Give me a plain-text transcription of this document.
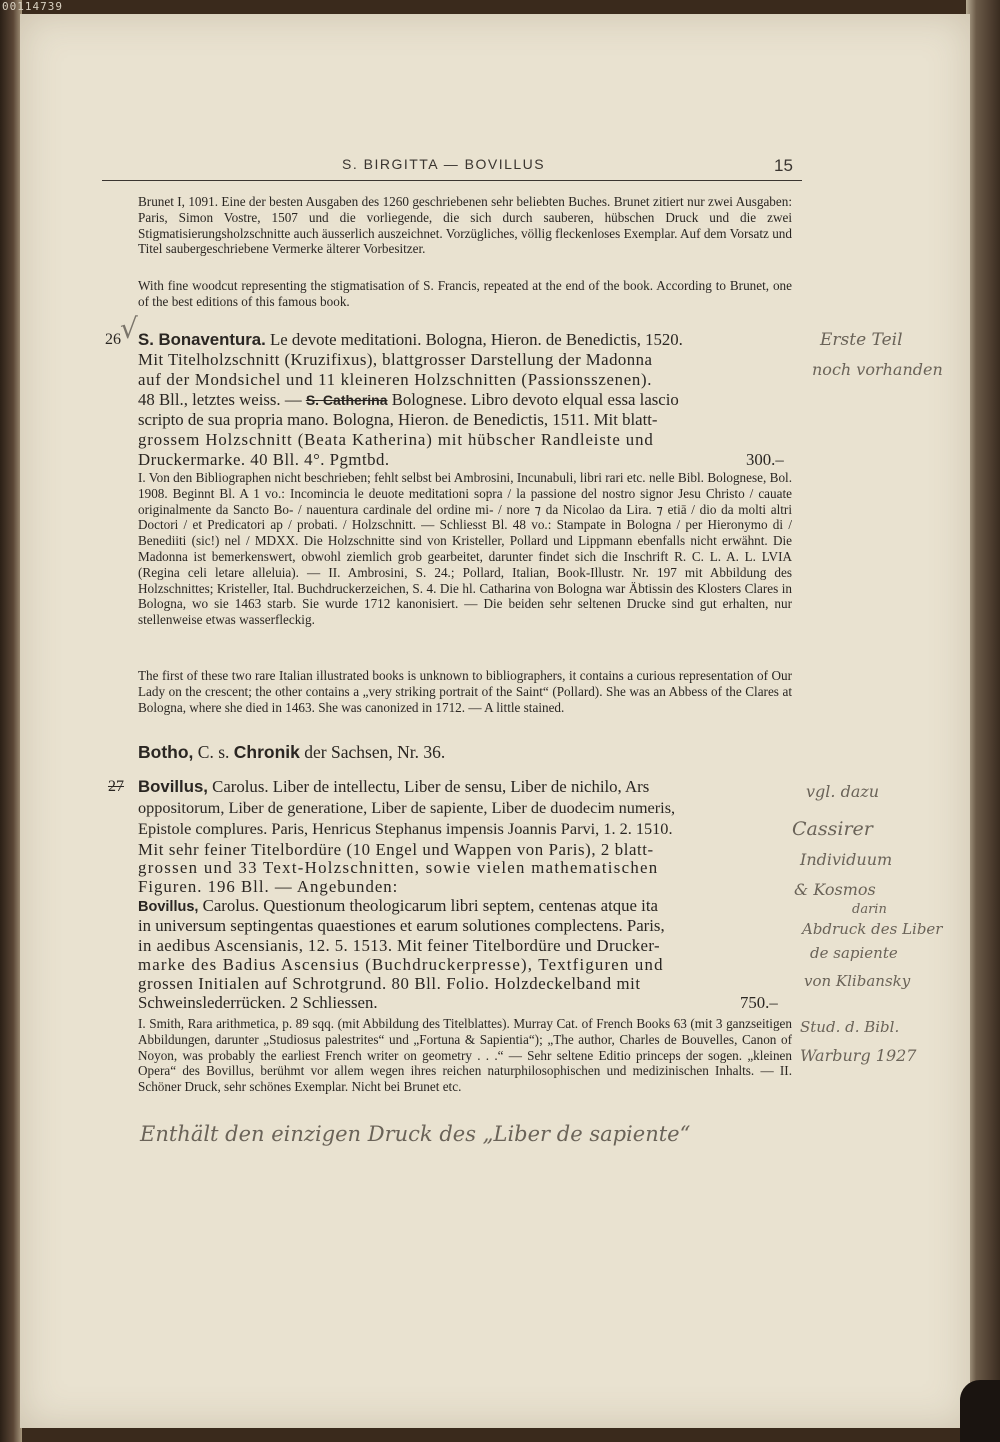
00114739
S. BIRGITTA — BOVILLUS	15
Brunet I, 1091. Eine der besten Ausgaben des 1260 geschriebenen sehr beliebten Buches. Brunet zitiert nur zwei Ausgaben: Paris, Simon Vostre, 1507 und die vorliegende, die sich durch sauberen, hübschen Druck und die zwei Stigmatisierungsholzschnitte auch äusserlich auszeichnet. Vorzügliches, völlig fleckenloses Exemplar. Auf dem Vorsatz und Titel saubergeschriebene Vermerke älterer Vorbesitzer.
With fine woodcut representing the stigmatisation of S. Francis, repeated at the end of the book. According to Brunet, one of the best editions of this famous book.
26 √ S. Bonaventura. Le devote meditationi. Bologna, Hieron. de Benedictis, 1520.
Mit Titelholzschnitt (Kruzifixus), blattgrosser Darstellung der Madonna
auf der Mondsichel und 11 kleineren Holzschnitten (Passionsszenen).
48 Bll., letztes weiss. — S. Catherina Bolognese. Libro devoto elqual essa lascio
scripto de sua propria mano. Bologna, Hieron. de Benedictis, 1511. Mit blatt-
grossem Holzschnitt (Beata Katherina) mit hübscher Randleiste und
Druckermarke. 40 Bll. 4°. Pgmtbd.	300.–
I. Von den Bibliographen nicht beschrieben; fehlt selbst bei Ambrosini, Incunabuli, libri rari etc. nelle Bibl. Bolognese, Bol. 1908. Beginnt Bl. A 1 vo.: Incomincia le deuote meditationi sopra / la passione del nostro signor Jesu Christo / cauate originalmente da Sancto Bo- / nauentura cardinale del ordine mi- / nore ⁊ da Nicolao da Lira. ⁊ etiā / dio da molti altri Doctori / et Predicatori ap / probati. / Holzschnitt. — Schliesst Bl. 48 vo.: Stampate in Bologna / per Hieronymo di / Benediiti (sic!) nel / MDXX. Die Holzschnitte sind von Kristeller, Pollard und Lippmann ebenfalls nicht erwähnt. Die Madonna ist bemerkenswert, obwohl ziemlich grob gearbeitet, darunter findet sich die Inschrift R. C. L. A. L. LVIA (Regina celi letare alleluia). — II. Ambrosini, S. 24.; Pollard, Italian, Book-Illustr. Nr. 197 mit Abbildung des Holzschnittes; Kristeller, Ital. Buchdruckerzeichen, S. 4. Die hl. Catharina von Bologna war Äbtissin des Klosters Clares in Bologna, wo sie 1463 starb. Sie wurde 1712 kanonisiert. — Die beiden sehr seltenen Drucke sind gut erhalten, nur stellenweise etwas wasserfleckig.
The first of these two rare Italian illustrated books is unknown to bibliographers, it contains a curious representation of Our Lady on the crescent; the other contains a „very striking portrait of the Saint“ (Pollard). She was an Abbess of the Clares at Bologna, where she died in 1463. She was canonized in 1712. — A little stained.
Erste Teil
noch vorhanden
Botho, C. s. Chronik der Sachsen, Nr. 36.
27 Bovillus, Carolus. Liber de intellectu, Liber de sensu, Liber de nichilo, Ars
oppositorum, Liber de generatione, Liber de sapiente, Liber de duodecim numeris,
Epistole complures. Paris, Henricus Stephanus impensis Joannis Parvi, 1. 2. 1510.
Mit sehr feiner Titelbordüre (10 Engel und Wappen von Paris), 2 blatt-
grossen und 33 Text-Holzschnitten, sowie vielen mathematischen
Figuren. 196 Bll. — Angebunden:
Bovillus, Carolus. Questionum theologicarum libri septem, centenas atque ita
in universum septingentas quaestiones et earum solutiones complectens. Paris,
in aedibus Ascensianis, 12. 5. 1513. Mit feiner Titelbordüre und Drucker-
marke des Badius Ascensius (Buchdruckerpresse), Textfiguren und
grossen Initialen auf Schrotgrund. 80 Bll. Folio. Holzdeckelband mit
Schweinslederrücken. 2 Schliessen.	750.–
I. Smith, Rara arithmetica, p. 89 sqq. (mit Abbildung des Titelblattes). Murray Cat. of French Books 63 (mit 3 ganzseitigen Abbildungen, darunter „Studiosus palestrites“ und „Fortuna & Sapientia“); „The author, Charles de Bouvelles, Canon of Noyon, was probably the earliest French writer on geometry . . .“ — Sehr seltene Editio princeps der sogen. „kleinen Opera“ des Bovillus, berühmt vor allem wegen ihres reichen naturphilosophischen und medizinischen Inhalts. — II. Schöner Druck, sehr schönes Exemplar. Nicht bei Brunet etc.
Enthält den einzigen Druck des „Liber de sapiente“
vgl. dazu
Cassirer
Individuum
& Kosmos
darin
Abdruck des Liber
de sapiente
von Klibansky
Stud. d. Bibl.
Warburg 1927
